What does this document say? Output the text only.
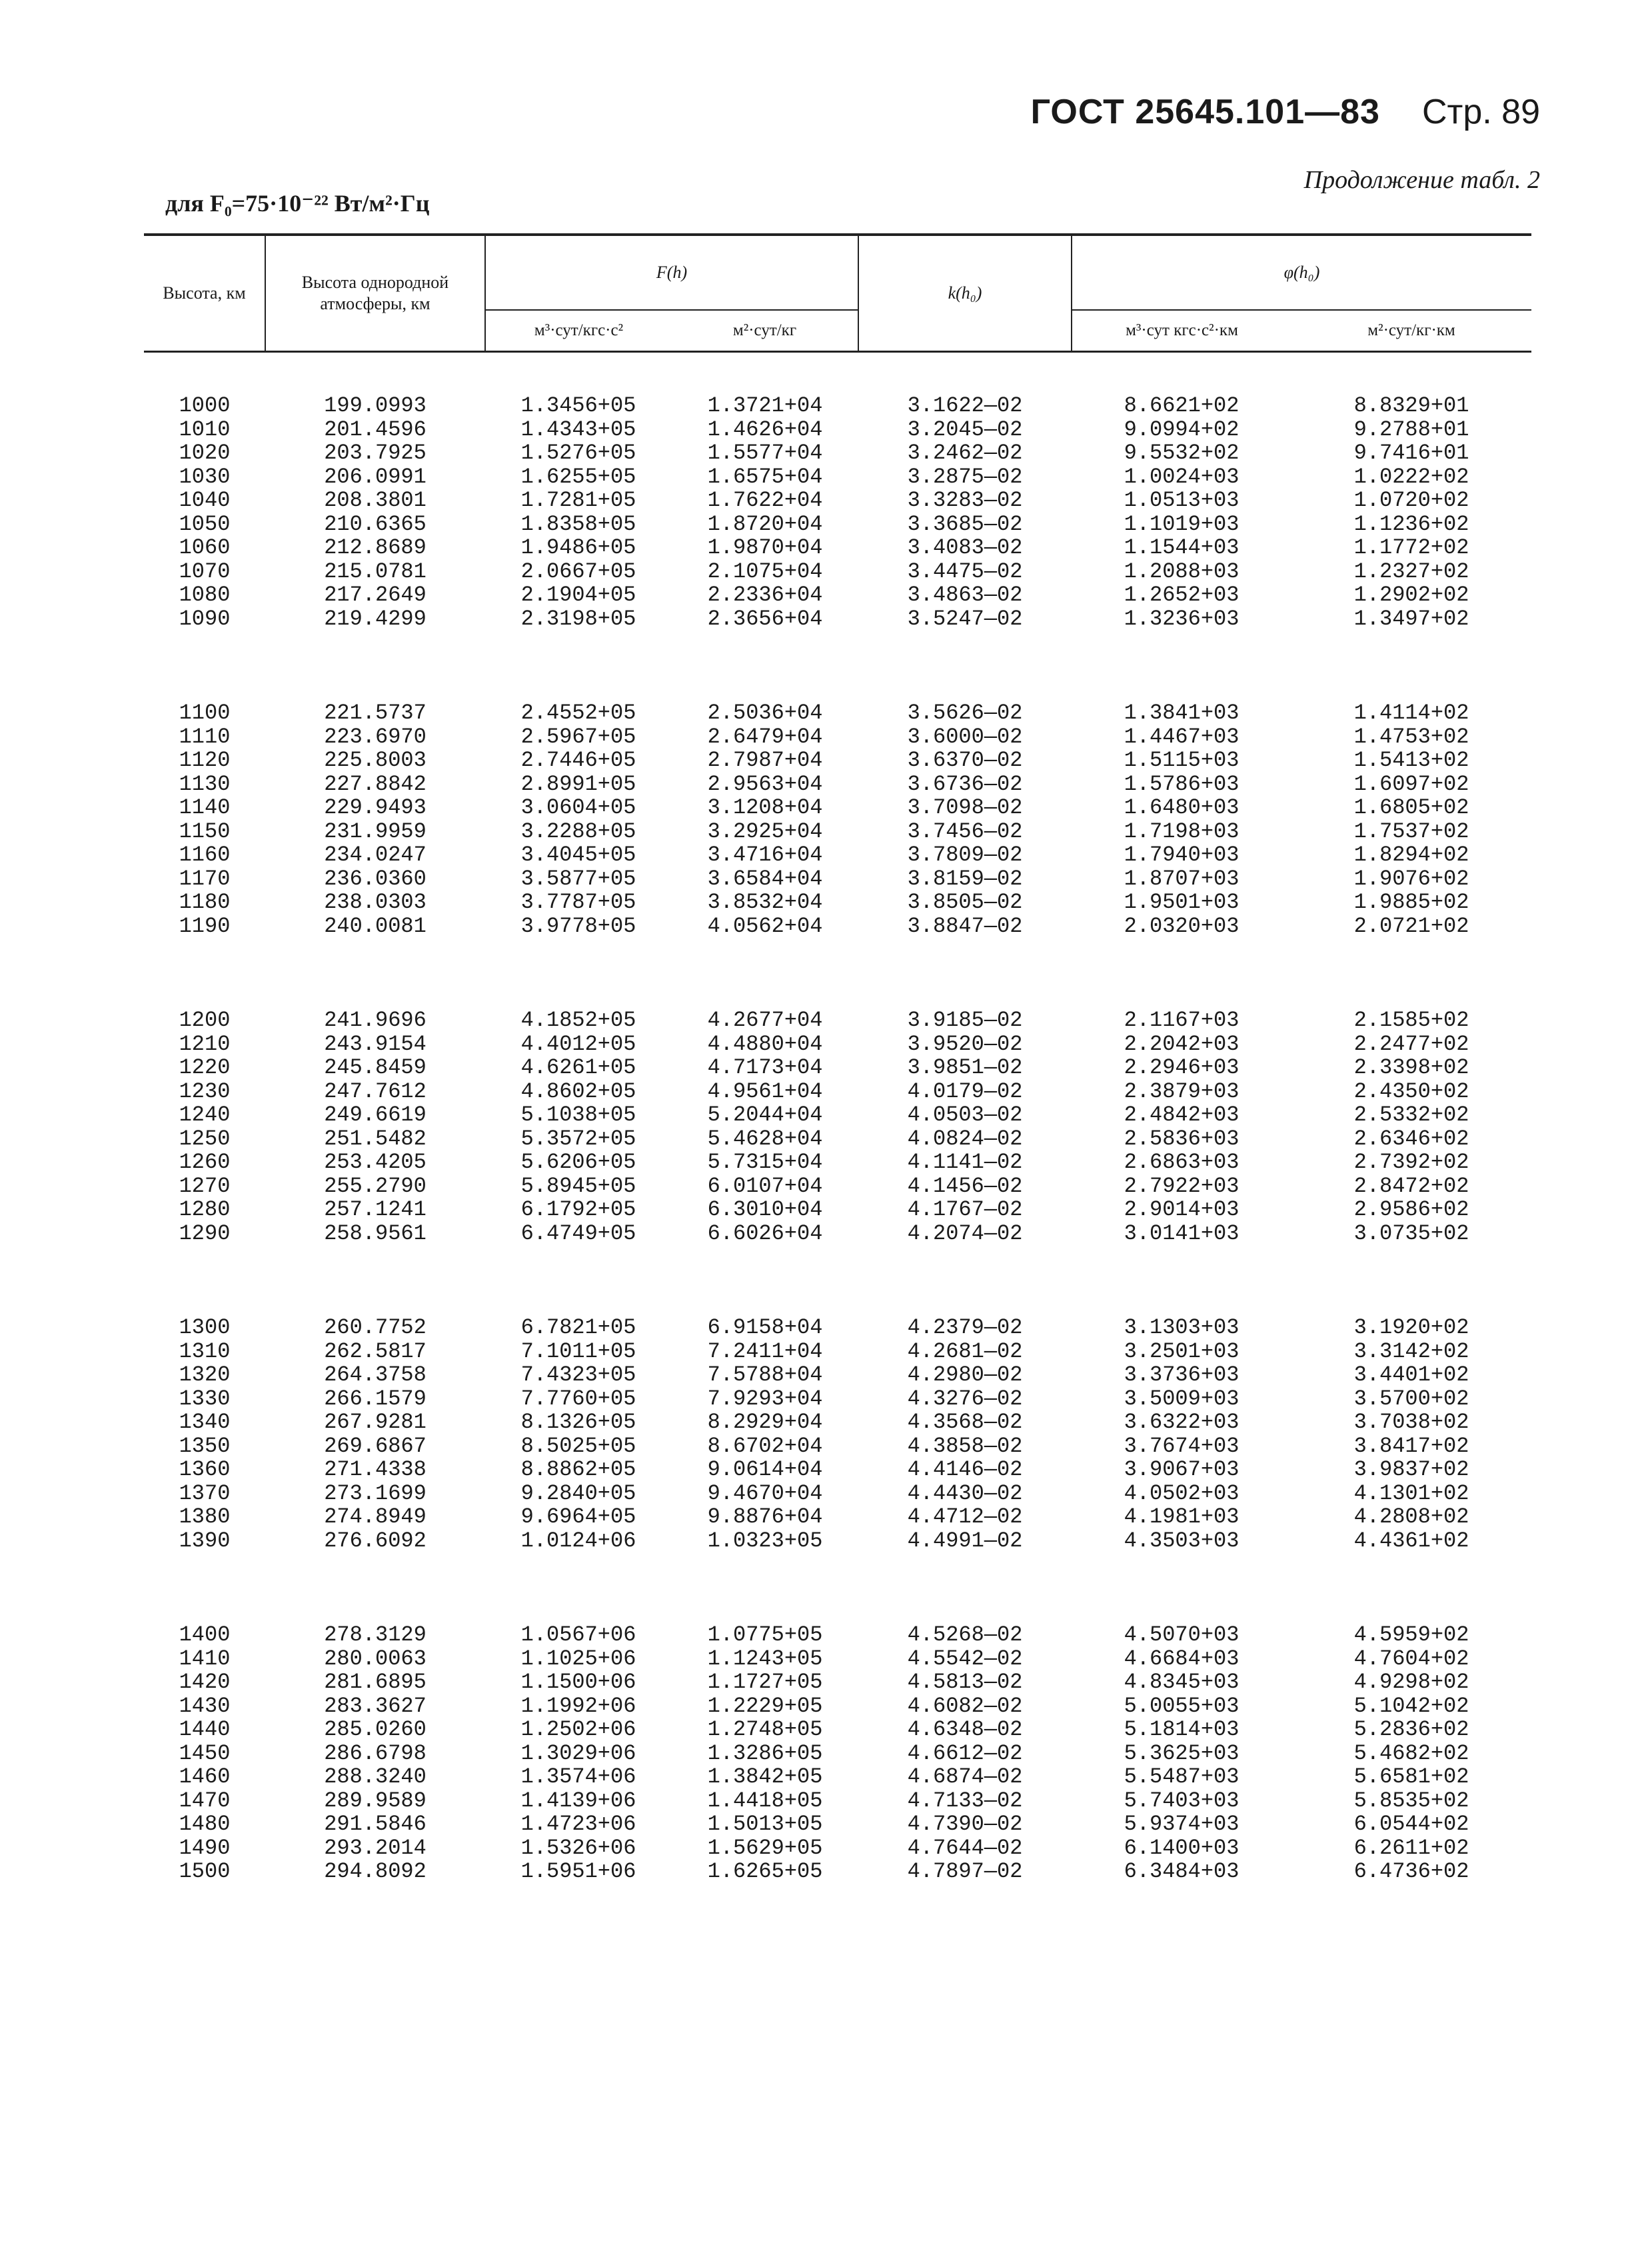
ГОСТ 25645.101—83 Стр. 89
для F₀=75·10⁻²² Вт/м²·Гц
Продолжение табл. 2
Высота, км	Высота однородной атмосферы, км	F(h)		k(h₀)	φ(h₀)	
		м³·сут/кгс·с²	м²·сут/кг		м³·сут кгс·с²·км	м²·сут/кг·км
1000	199.0993	1.3456+05	1.3721+04	3.1622—02	8.6621+02	8.8329+01
1010	201.4596	1.4343+05	1.4626+04	3.2045—02	9.0994+02	9.2788+01
1020	203.7925	1.5276+05	1.5577+04	3.2462—02	9.5532+02	9.7416+01
1030	206.0991	1.6255+05	1.6575+04	3.2875—02	1.0024+03	1.0222+02
1040	208.3801	1.7281+05	1.7622+04	3.3283—02	1.0513+03	1.0720+02
1050	210.6365	1.8358+05	1.8720+04	3.3685—02	1.1019+03	1.1236+02
1060	212.8689	1.9486+05	1.9870+04	3.4083—02	1.1544+03	1.1772+02
1070	215.0781	2.0667+05	2.1075+04	3.4475—02	1.2088+03	1.2327+02
1080	217.2649	2.1904+05	2.2336+04	3.4863—02	1.2652+03	1.2902+02
1090	219.4299	2.3198+05	2.3656+04	3.5247—02	1.3236+03	1.3497+02

1100	221.5737	2.4552+05	2.5036+04	3.5626—02	1.3841+03	1.4114+02
1110	223.6970	2.5967+05	2.6479+04	3.6000—02	1.4467+03	1.4753+02
1120	225.8003	2.7446+05	2.7987+04	3.6370—02	1.5115+03	1.5413+02
1130	227.8842	2.8991+05	2.9563+04	3.6736—02	1.5786+03	1.6097+02
1140	229.9493	3.0604+05	3.1208+04	3.7098—02	1.6480+03	1.6805+02
1150	231.9959	3.2288+05	3.2925+04	3.7456—02	1.7198+03	1.7537+02
1160	234.0247	3.4045+05	3.4716+04	3.7809—02	1.7940+03	1.8294+02
1170	236.0360	3.5877+05	3.6584+04	3.8159—02	1.8707+03	1.9076+02
1180	238.0303	3.7787+05	3.8532+04	3.8505—02	1.9501+03	1.9885+02
1190	240.0081	3.9778+05	4.0562+04	3.8847—02	2.0320+03	2.0721+02

1200	241.9696	4.1852+05	4.2677+04	3.9185—02	2.1167+03	2.1585+02
1210	243.9154	4.4012+05	4.4880+04	3.9520—02	2.2042+03	2.2477+02
1220	245.8459	4.6261+05	4.7173+04	3.9851—02	2.2946+03	2.3398+02
1230	247.7612	4.8602+05	4.9561+04	4.0179—02	2.3879+03	2.4350+02
1240	249.6619	5.1038+05	5.2044+04	4.0503—02	2.4842+03	2.5332+02
1250	251.5482	5.3572+05	5.4628+04	4.0824—02	2.5836+03	2.6346+02
1260	253.4205	5.6206+05	5.7315+04	4.1141—02	2.6863+03	2.7392+02
1270	255.2790	5.8945+05	6.0107+04	4.1456—02	2.7922+03	2.8472+02
1280	257.1241	6.1792+05	6.3010+04	4.1767—02	2.9014+03	2.9586+02
1290	258.9561	6.4749+05	6.6026+04	4.2074—02	3.0141+03	3.0735+02

1300	260.7752	6.7821+05	6.9158+04	4.2379—02	3.1303+03	3.1920+02
1310	262.5817	7.1011+05	7.2411+04	4.2681—02	3.2501+03	3.3142+02
1320	264.3758	7.4323+05	7.5788+04	4.2980—02	3.3736+03	3.4401+02
1330	266.1579	7.7760+05	7.9293+04	4.3276—02	3.5009+03	3.5700+02
1340	267.9281	8.1326+05	8.2929+04	4.3568—02	3.6322+03	3.7038+02
1350	269.6867	8.5025+05	8.6702+04	4.3858—02	3.7674+03	3.8417+02
1360	271.4338	8.8862+05	9.0614+04	4.4146—02	3.9067+03	3.9837+02
1370	273.1699	9.2840+05	9.4670+04	4.4430—02	4.0502+03	4.1301+02
1380	274.8949	9.6964+05	9.8876+04	4.4712—02	4.1981+03	4.2808+02
1390	276.6092	1.0124+06	1.0323+05	4.4991—02	4.3503+03	4.4361+02

1400	278.3129	1.0567+06	1.0775+05	4.5268—02	4.5070+03	4.5959+02
1410	280.0063	1.1025+06	1.1243+05	4.5542—02	4.6684+03	4.7604+02
1420	281.6895	1.1500+06	1.1727+05	4.5813—02	4.8345+03	4.9298+02
1430	283.3627	1.1992+06	1.2229+05	4.6082—02	5.0055+03	5.1042+02
1440	285.0260	1.2502+06	1.2748+05	4.6348—02	5.1814+03	5.2836+02
1450	286.6798	1.3029+06	1.3286+05	4.6612—02	5.3625+03	5.4682+02
1460	288.3240	1.3574+06	1.3842+05	4.6874—02	5.5487+03	5.6581+02
1470	289.9589	1.4139+06	1.4418+05	4.7133—02	5.7403+03	5.8535+02
1480	291.5846	1.4723+06	1.5013+05	4.7390—02	5.9374+03	6.0544+02
1490	293.2014	1.5326+06	1.5629+05	4.7644—02	6.1400+03	6.2611+02
1500	294.8092	1.5951+06	1.6265+05	4.7897—02	6.3484+03	6.4736+02
